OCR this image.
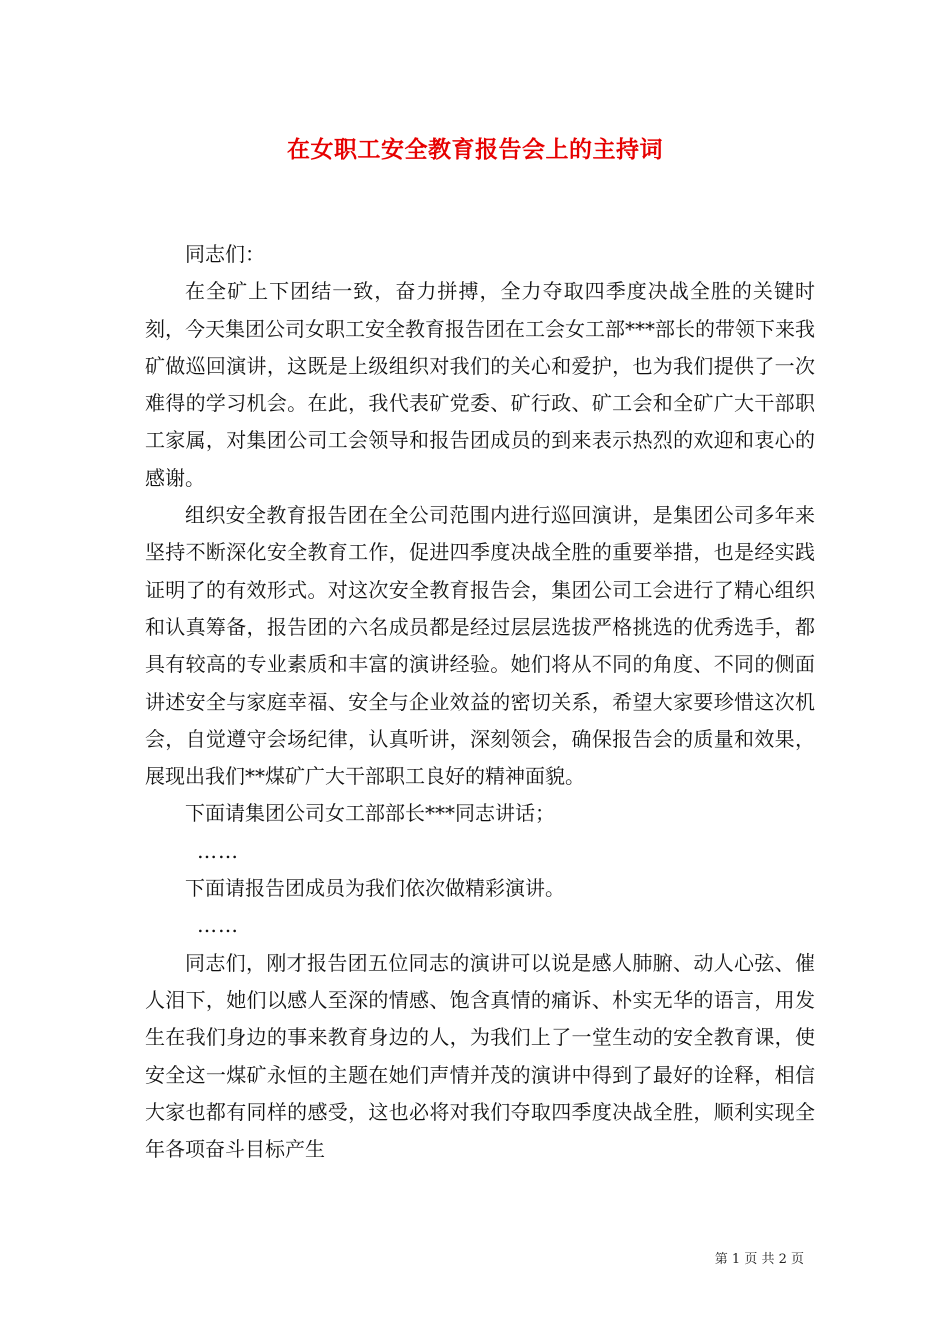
在女职工安全教育报告会上的主持词

同志们：

在全矿上下团结一致，奋力拼搏，全力夺取四季度决战全胜的关键时刻，今天集团公司女职工安全教育报告团在工会女工部***部长的带领下来我矿做巡回演讲，这既是上级组织对我们的关心和爱护，也为我们提供了一次难得的学习机会。在此，我代表矿党委、矿行政、矿工会和全矿广大干部职工家属，对集团公司工会领导和报告团成员的到来表示热烈的欢迎和衷心的感谢。

组织安全教育报告团在全公司范围内进行巡回演讲，是集团公司多年来坚持不断深化安全教育工作，促进四季度决战全胜的重要举措，也是经实践证明了的有效形式。对这次安全教育报告会，集团公司工会进行了精心组织和认真筹备，报告团的六名成员都是经过层层选拔严格挑选的优秀选手，都具有较高的专业素质和丰富的演讲经验。她们将从不同的角度、不同的侧面讲述安全与家庭幸福、安全与企业效益的密切关系，希望大家要珍惜这次机会，自觉遵守会场纪律，认真听讲，深刻领会，确保报告会的质量和效果，展现出我们**煤矿广大干部职工良好的精神面貌。

下面请集团公司女工部部长***同志讲话；

……

下面请报告团成员为我们依次做精彩演讲。

……

同志们，刚才报告团五位同志的演讲可以说是感人肺腑、动人心弦、催人泪下，她们以感人至深的情感、饱含真情的痛诉、朴实无华的语言，用发生在我们身边的事来教育身边的人，为我们上了一堂生动的安全教育课，使安全这一煤矿永恒的主题在她们声情并茂的演讲中得到了最好的诠释，相信大家也都有同样的感受，这也必将对我们夺取四季度决战全胜，顺利实现全年各项奋斗目标产生

第 1 页 共 2 页
